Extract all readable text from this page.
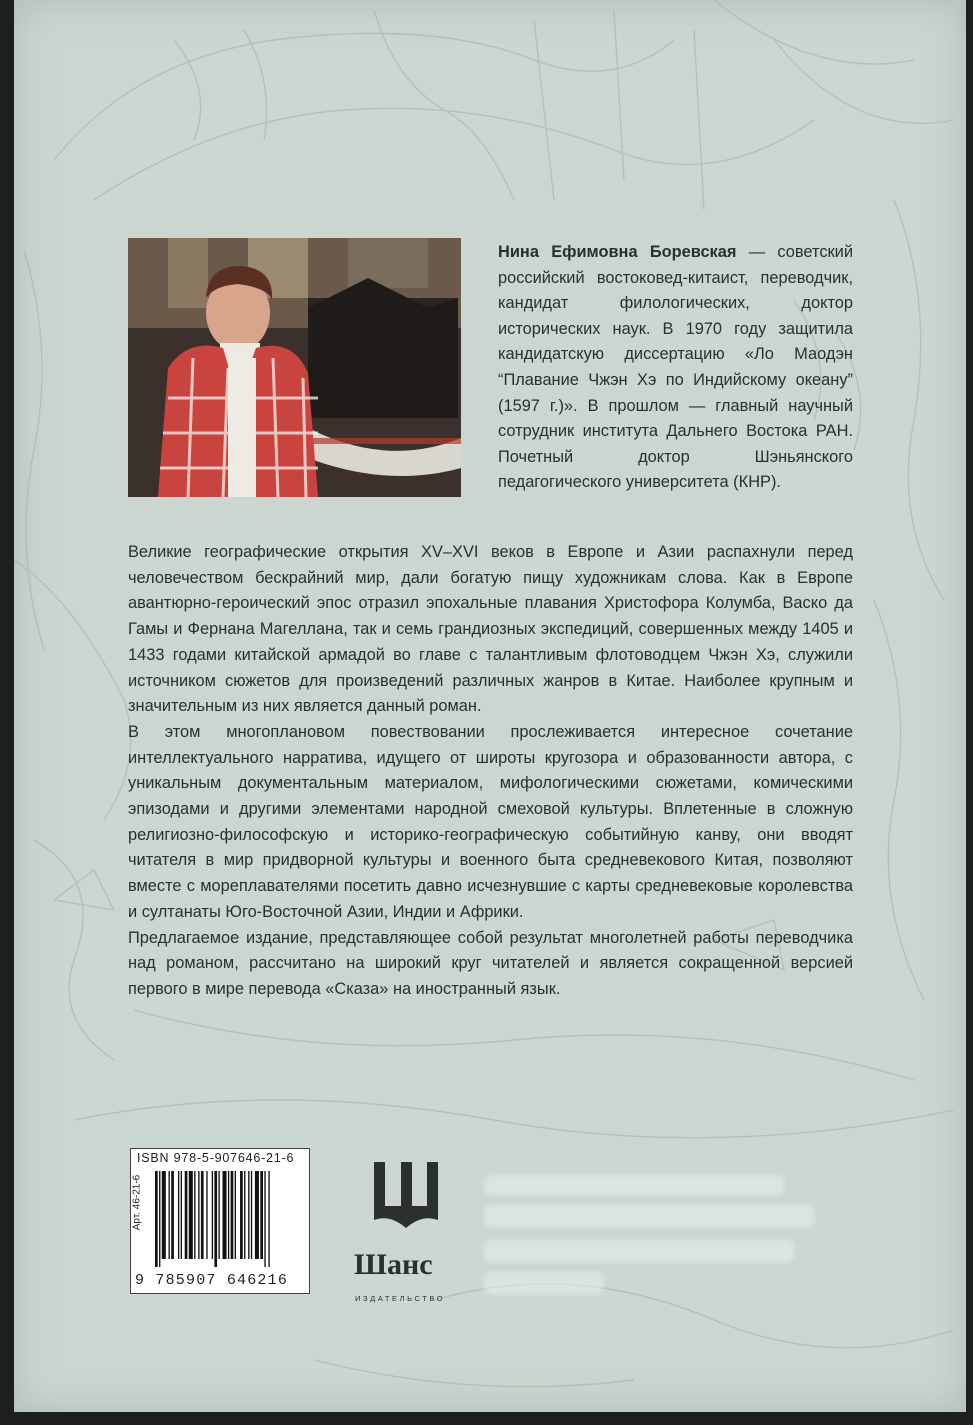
Нина Ефимовна Боревская — советский российский востоковед-китаист, переводчик, кандидат филологических, доктор исторических наук. В 1970 году защитила кандидатскую диссертацию «Ло Маодэн “Плавание Чжэн Хэ по Индийскому океану” (1597 г.)». В прошлом — главный научный сотрудник института Дальнего Востока РАН. Почетный доктор Шэньянского педагогического университета (КНР).

Великие географические открытия XV–XVI веков в Европе и Азии распахнули перед человечеством бескрайний мир, дали богатую пищу художникам слова. Как в Европе авантюрно-героический эпос отразил эпохальные плавания Христофора Колумба, Васко да Гамы и Фернана Магеллана, так и семь грандиозных экспедиций, совершенных между 1405 и 1433 годами китайской армадой во главе с талантливым флотоводцем Чжэн Хэ, служили источником сюжетов для произведений различных жанров в Китае. Наиболее крупным и значительным из них является данный роман.

В этом многоплановом повествовании прослеживается интересное сочетание интеллектуального нарратива, идущего от широты кругозора и образованности автора, с уникальным документальным материалом, мифологическими сюжетами, комическими эпизодами и другими элементами народной смеховой культуры. Вплетенные в сложную религиозно-философскую и историко-географическую событийную канву, они вводят читателя в мир придворной культуры и военного быта средневекового Китая, позволяют вместе с мореплавателями посетить давно исчезнувшие с карты средневековые королевства и султанаты Юго-Восточной Азии, Индии и Африки.

Предлагаемое издание, представляющее собой результат многолетней работы переводчика над романом, рассчитано на широкий круг читателей и является сокращенной версией первого в мире перевода «Сказа» на иностранный язык.

ISBN 978-5-907646-21-6
Арт. 46-21-6
9 785907 646216 Шанс
ИЗДАТЕЛЬСТВО
